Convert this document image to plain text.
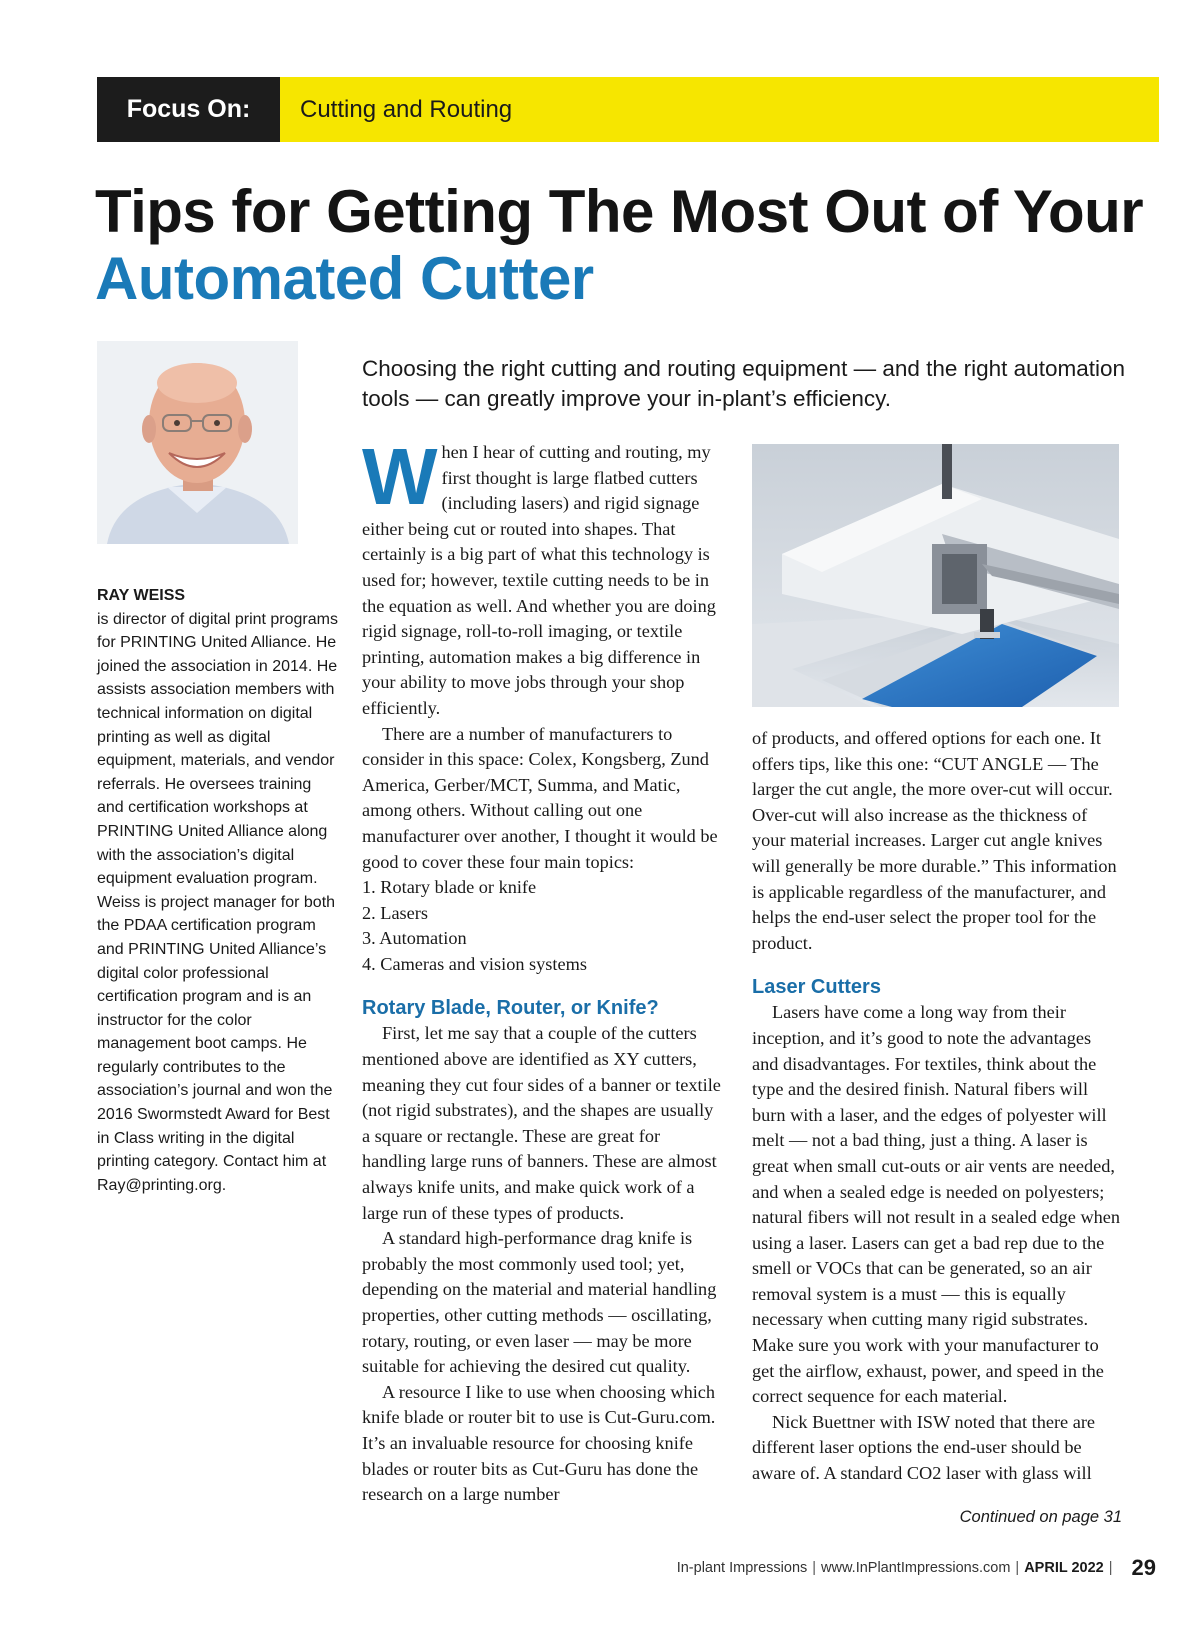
Focus On:	Cutting and Routing
Tips for Getting The Most Out of Your Automated Cutter
RAY WEISS
is director of digital print programs for PRINTING United Alliance. He joined the association in 2014. He assists association members with technical information on digital printing as well as digital equipment, materials, and vendor referrals. He oversees training and certification workshops at PRINTING United Alliance along with the association’s digital equipment evaluation program. Weiss is project manager for both the PDAA certification program and PRINTING United Alliance’s digital color professional certification program and is an instructor for the color management boot camps. He regularly contributes to the association’s journal and won the 2016 Swormstedt Award for Best in Class writing in the digital printing category. Contact him at Ray@printing.org.

Choosing the right cutting and routing equipment — and the right automation tools — can greatly improve your in-plant’s efficiency.

When I hear of cutting and routing, my first thought is large flatbed cutters (including lasers) and rigid signage either being cut or routed into shapes. That certainly is a big part of what this technology is used for; however, textile cutting needs to be in the equation as well. And whether you are doing rigid signage, roll-to-roll imaging, or textile printing, automation makes a big difference in your ability to move jobs through your shop efficiently.

There are a number of manufacturers to consider in this space: Colex, Kongsberg, Zund America, Gerber/MCT, Summa, and Matic, among others. Without calling out one manufacturer over another, I thought it would be good to cover these four main topics:

1. Rotary blade or knife

2. Lasers

3. Automation

4. Cameras and vision systems

Rotary Blade, Router, or Knife?

First, let me say that a couple of the cutters mentioned above are identified as XY cutters, meaning they cut four sides of a banner or textile (not rigid substrates), and the shapes are usually a square or rectangle. These are great for handling large runs of banners. These are almost always knife units, and make quick work of a large run of these types of products.

A standard high-performance drag knife is probably the most commonly used tool; yet, depending on the material and material handling properties, other cutting methods — oscillating, rotary, routing, or even laser — may be more suitable for achieving the desired cut quality.

A resource I like to use when choosing which knife blade or router bit to use is Cut-Guru.com. It’s an invaluable resource for choosing knife blades or router bits as Cut-Guru has done the research on a large number

of products, and offered options for each one. It offers tips, like this one: “CUT ANGLE — The larger the cut angle, the more over-cut will occur. Over-cut will also increase as the thickness of your material increases. Larger cut angle knives will generally be more durable.” This information is applicable regardless of the manufacturer, and helps the end-user select the proper tool for the product.

Laser Cutters

Lasers have come a long way from their inception, and it’s good to note the advantages and disadvantages. For textiles, think about the type and the desired finish. Natural fibers will burn with a laser, and the edges of polyester will melt — not a bad thing, just a thing. A laser is great when small cut-outs or air vents are needed, and when a sealed edge is needed on polyesters; natural fibers will not result in a sealed edge when using a laser. Lasers can get a bad rep due to the smell or VOCs that can be generated, so an air removal system is a must — this is equally necessary when cutting many rigid substrates. Make sure you work with your manufacturer to get the airflow, exhaust, power, and speed in the correct sequence for each material.

Nick Buettner with ISW noted that there are different laser options the end-user should be aware of. A standard CO2 laser with glass will

Continued on page 31
In-plant Impressions | www.InPlantImpressions.com | APRIL 2022 | 29
